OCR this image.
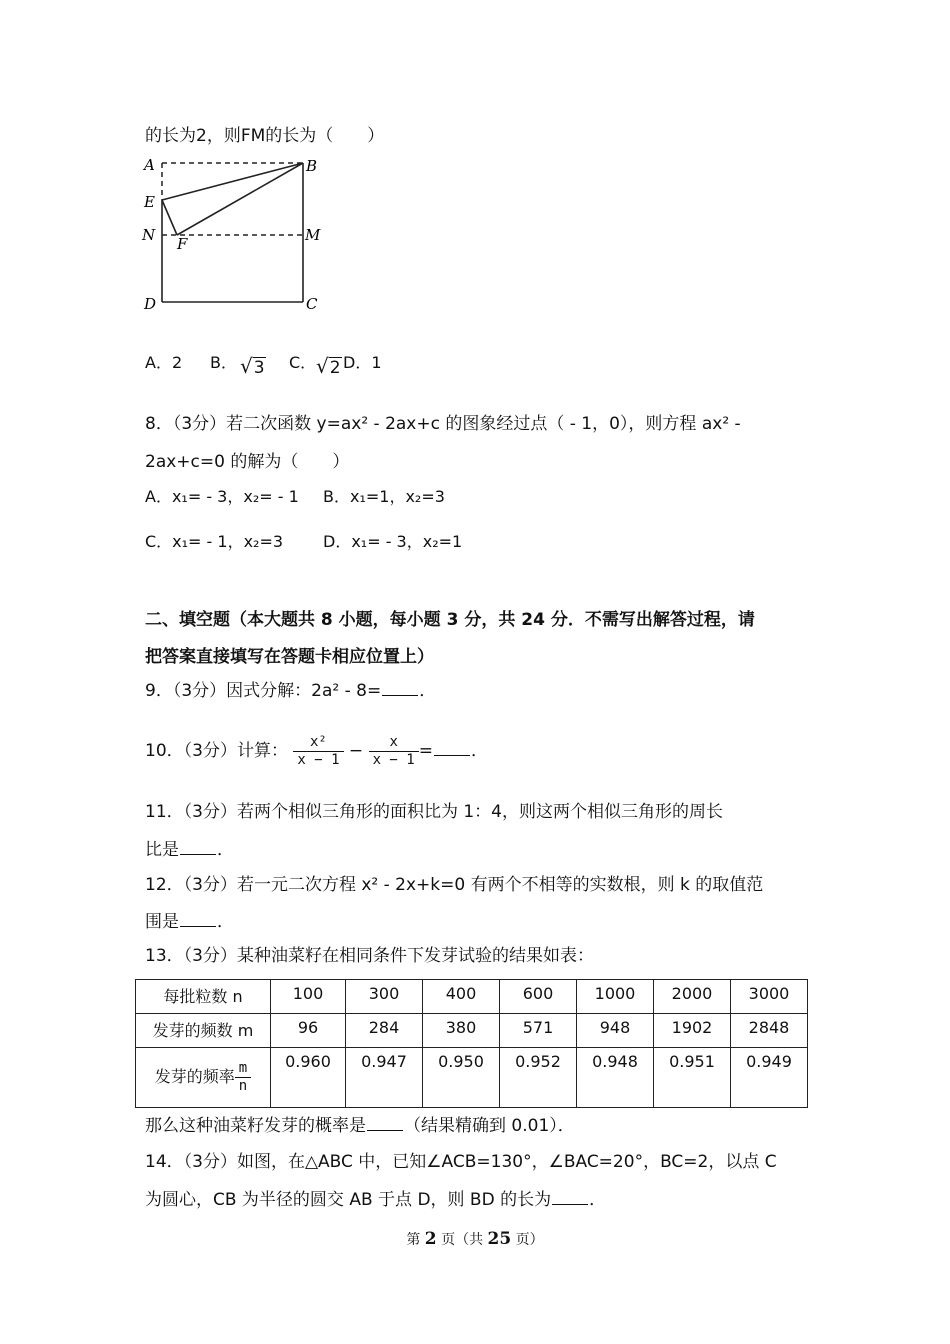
的长为2，则FM的长为（　　）
A	B
E
N F	M
D	C
A．2 B． √3 C． √2 D．1
8．（3分）若二次函数 y=ax² ‑ 2ax+c 的图象经过点（ ‑ 1，0），则方程 ax² ‑
2ax+c=0 的解为（　　）
A．x₁= ‑ 3，x₂= ‑ 1 B．x₁=1，x₂=3
C．x₁= ‑ 1，x₂=3 D．x₁= ‑ 3，x₂=1
二、填空题（本大题共 8 小题，每小题 3 分，共 24 分．不需写出解答过程，请
把答案直接填写在答题卡相应位置上）
9．（3分）因式分解：2a² ‑ 8= ．
10．（3分）计算： $\frac{\text{x²}}{x - 1} - \frac{x}{x - 1}$ = ．
11．（3分）若两个相似三角形的面积比为 1：4，则这两个相似三角形的周长
比是 ．
12．（3分）若一元二次方程 x² ‑ 2x+k=0 有两个不相等的实数根，则 k 的取值范
围是 ．
13．（3分）某种油菜籽在相同条件下发芽试验的结果如表：
每批粒数 n	100	300	400	600	1000	2000	3000
发芽的频数 m	96	284	380	571	948	1902	2848
发芽的频率 $\frac{m}{n}$	0.960	0.947	0.950	0.952	0.948	0.951	0.949
那么这种油菜籽发芽的概率是 （结果精确到 0.01）．
14．（3分）如图，在△ABC 中，已知∠ACB=130°，∠BAC=20°，BC=2，以点 C
为圆心，CB 为半径的圆交 AB 于点 D，则 BD 的长为 ．
第 2 页（共 25 页）
